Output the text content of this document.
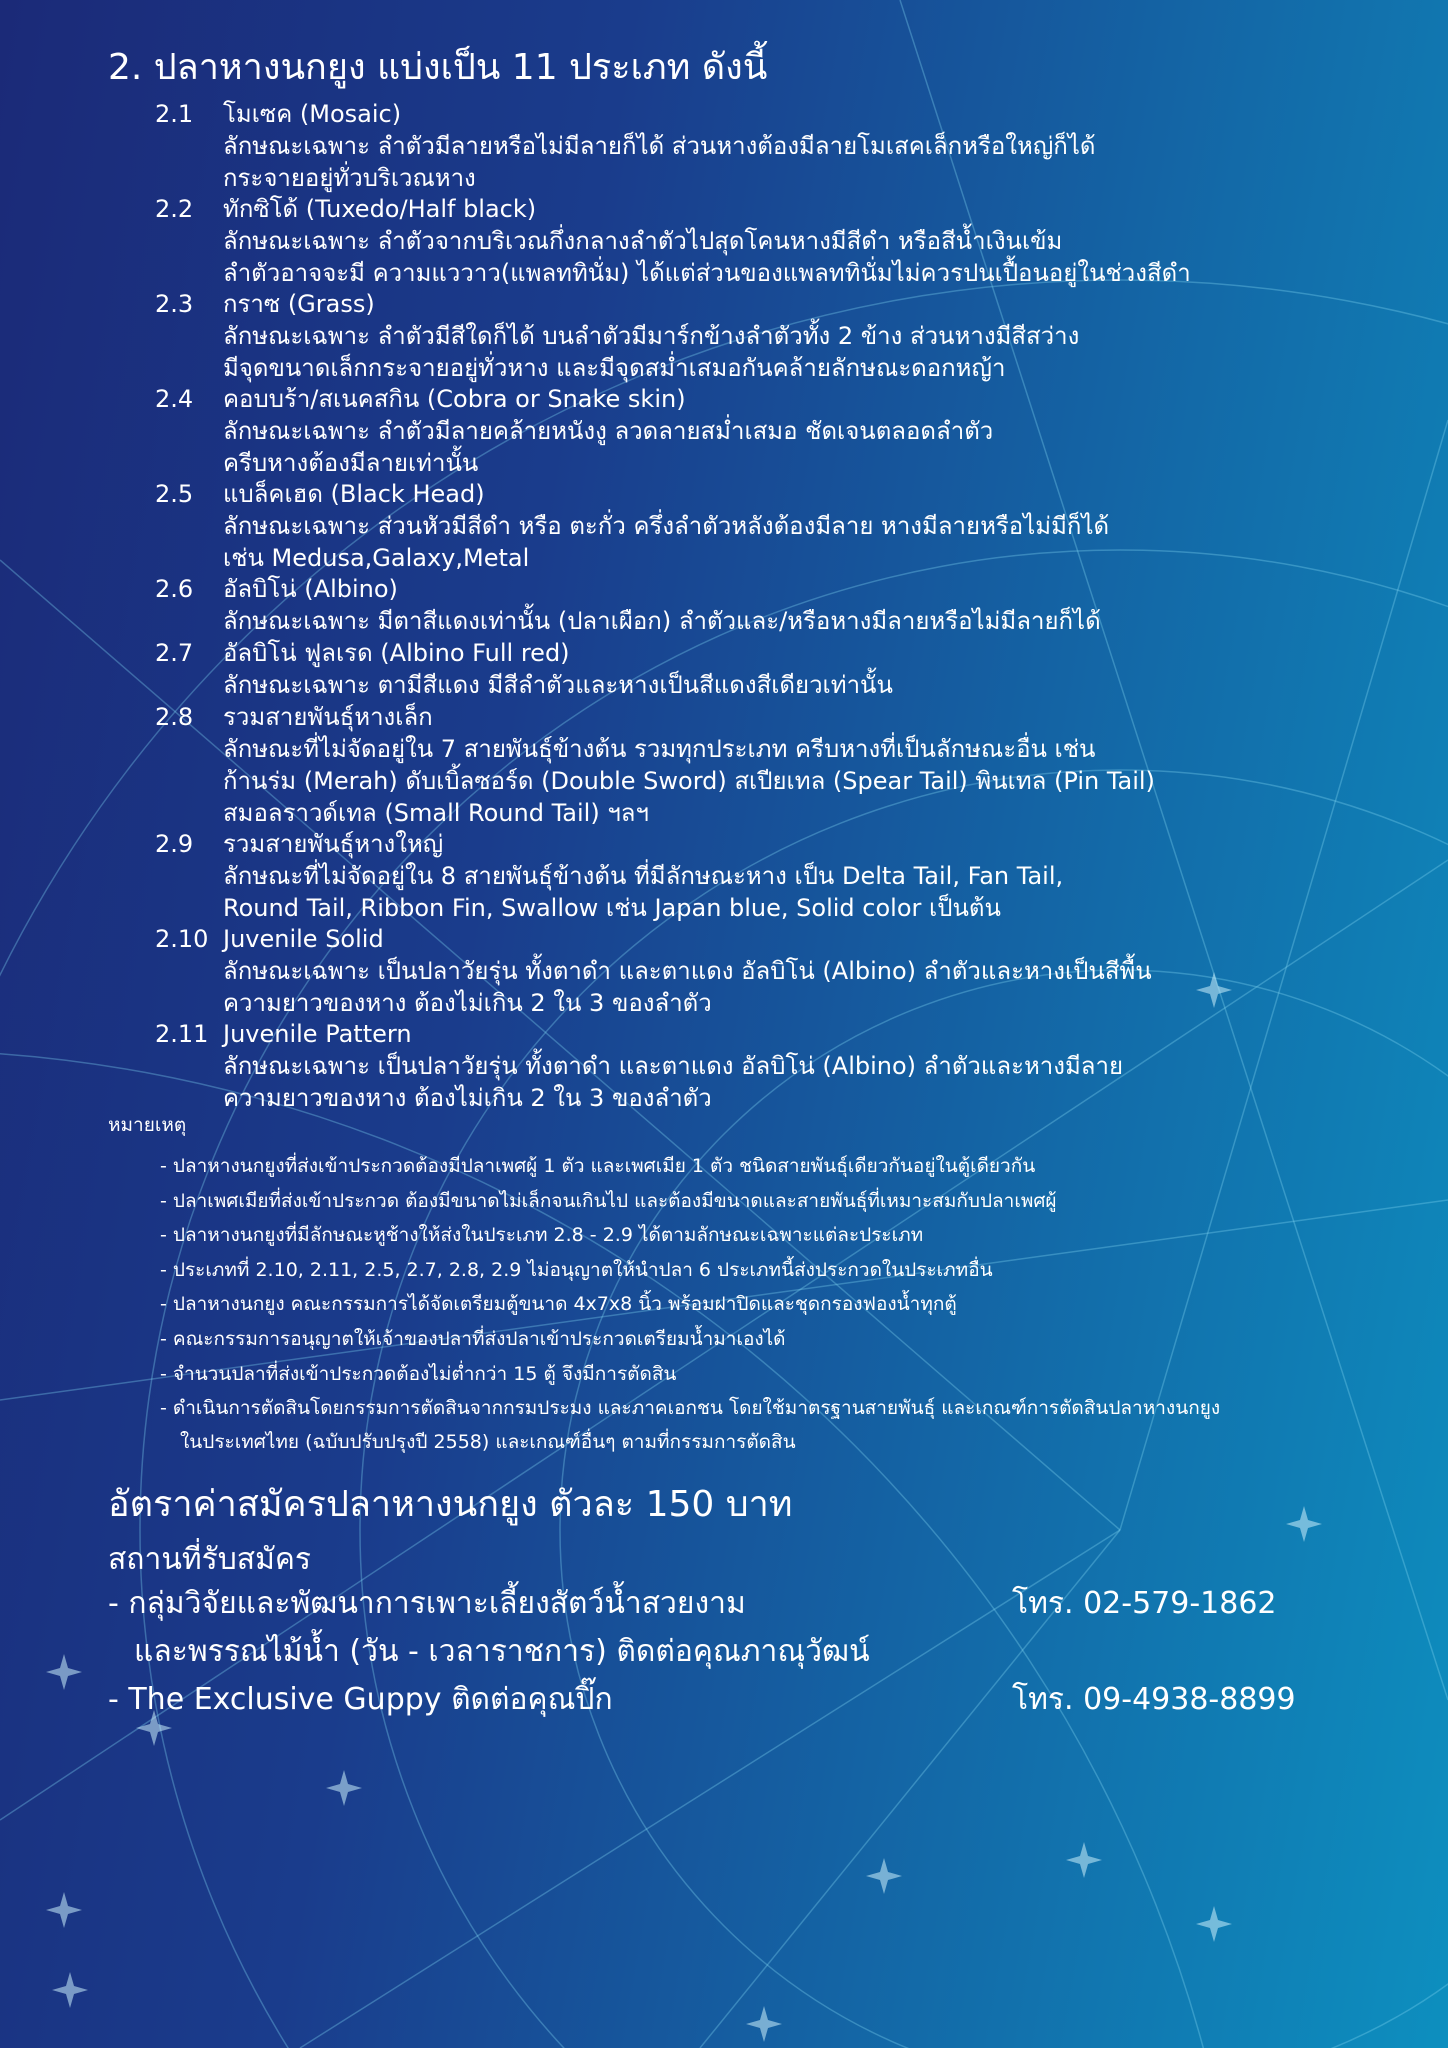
2. ปลาหางนกยูง แบ่งเป็น 11 ประเภท ดังนี้
2.1	โมเซค (Mosaic)
ลักษณะเฉพาะ ลำตัวมีลายหรือไม่มีลายก็ได้ ส่วนหางต้องมีลายโมเสคเล็กหรือใหญ่ก็ได้
กระจายอยู่ทั่วบริเวณหาง
2.2	ทักซิโด้ (Tuxedo/Half black)
ลักษณะเฉพาะ ลำตัวจากบริเวณกึ่งกลางลำตัวไปสุดโคนหางมีสีดำ หรือสีน้ำเงินเข้ม
ลำตัวอาจจะมี ความแววาว(แพลททินั่ม) ได้แต่ส่วนของแพลททินั่มไม่ควรปนเปื้อนอยู่ในช่วงสีดำ
2.3	กราซ (Grass)
ลักษณะเฉพาะ ลำตัวมีสีใดก็ได้ บนลำตัวมีมาร์กข้างลำตัวทั้ง 2 ข้าง ส่วนหางมีสีสว่าง
มีจุดขนาดเล็กกระจายอยู่ทั่วหาง และมีจุดสม่ำเสมอกันคล้ายลักษณะดอกหญ้า
2.4	คอบบร้า/สเนคสกิน (Cobra or Snake skin)
ลักษณะเฉพาะ ลำตัวมีลายคล้ายหนังงู ลวดลายสม่ำเสมอ ชัดเจนตลอดลำตัว
ครีบหางต้องมีลายเท่านั้น
2.5	แบล็คเฮด (Black Head)
ลักษณะเฉพาะ ส่วนหัวมีสีดำ หรือ ตะกั่ว ครึ่งลำตัวหลังต้องมีลาย หางมีลายหรือไม่มีก็ได้
เช่น Medusa,Galaxy,Metal
2.6	อัลบิโน่ (Albino)
ลักษณะเฉพาะ มีตาสีแดงเท่านั้น (ปลาเผือก) ลำตัวและ/หรือหางมีลายหรือไม่มีลายก็ได้
2.7	อัลบิโน่ ฟูลเรด (Albino Full red)
ลักษณะเฉพาะ ตามีสีแดง มีสีลำตัวและหางเป็นสีแดงสีเดียวเท่านั้น
2.8	รวมสายพันธุ์หางเล็ก
ลักษณะที่ไม่จัดอยู่ใน 7 สายพันธุ์ข้างต้น รวมทุกประเภท ครีบหางที่เป็นลักษณะอื่น เช่น
ก้านร่ม (Merah) ดับเบิ้ลซอร์ด (Double Sword) สเปียเทล (Spear Tail) พินเทล (Pin Tail)
สมอลราวด์เทล (Small Round Tail) ฯลฯ
2.9	รวมสายพันธุ์หางใหญ่
ลักษณะที่ไม่จัดอยู่ใน 8 สายพันธุ์ข้างต้น ที่มีลักษณะหาง เป็น Delta Tail, Fan Tail,
Round Tail, Ribbon Fin, Swallow เช่น Japan blue, Solid color เป็นต้น
2.10 Juvenile Solid
ลักษณะเฉพาะ เป็นปลาวัยรุ่น ทั้งตาดำ และตาแดง อัลบิโน่ (Albino) ลำตัวและหางเป็นสีพื้น
ความยาวของหาง ต้องไม่เกิน 2 ใน 3 ของลำตัว
2.11 Juvenile Pattern
ลักษณะเฉพาะ เป็นปลาวัยรุ่น ทั้งตาดำ และตาแดง อัลบิโน่ (Albino) ลำตัวและหางมีลาย
ความยาวของหาง ต้องไม่เกิน 2 ใน 3 ของลำตัว
หมายเหตุ
- ปลาหางนกยูงที่ส่งเข้าประกวดต้องมีปลาเพศผู้ 1 ตัว และเพศเมีย 1 ตัว ชนิดสายพันธุ์เดียวกันอยู่ในตู้เดียวกัน
- ปลาเพศเมียที่ส่งเข้าประกวด ต้องมีขนาดไม่เล็กจนเกินไป และต้องมีขนาดและสายพันธุ์ที่เหมาะสมกับปลาเพศผู้
- ปลาหางนกยูงที่มีลักษณะหูช้างให้ส่งในประเภท 2.8 - 2.9 ได้ตามลักษณะเฉพาะแต่ละประเภท
- ประเภทที่ 2.10, 2.11, 2.5, 2.7, 2.8, 2.9 ไม่อนุญาตให้นำปลา 6 ประเภทนี้ส่งประกวดในประเภทอื่น
- ปลาหางนกยูง คณะกรรมการได้จัดเตรียมตู้ขนาด 4x7x8 นิ้ว พร้อมฝาปิดและชุดกรองฟองน้ำทุกตู้
- คณะกรรมการอนุญาตให้เจ้าของปลาที่ส่งปลาเข้าประกวดเตรียมน้ำมาเองได้
- จำนวนปลาที่ส่งเข้าประกวดต้องไม่ต่ำกว่า 15 ตู้ จึงมีการตัดสิน
- ดำเนินการตัดสินโดยกรรมการตัดสินจากกรมประมง และภาคเอกชน โดยใช้มาตรฐานสายพันธุ์ และเกณฑ์การตัดสินปลาหางนกยูง
ในประเทศไทย (ฉบับปรับปรุงปี 2558) และเกณฑ์อื่นๆ ตามที่กรรมการตัดสิน
อัตราค่าสมัครปลาหางนกยูง ตัวละ 150 บาท
สถานที่รับสมัคร
- กลุ่มวิจัยและพัฒนาการเพาะเลี้ยงสัตว์น้ำสวยงาม
และพรรณไม้น้ำ (วัน - เวลาราชการ) ติดต่อคุณภาณุวัฒน์
โทร. 02-579-1862
- The Exclusive Guppy ติดต่อคุณปิ๊ก	โทร. 09-4938-8899
